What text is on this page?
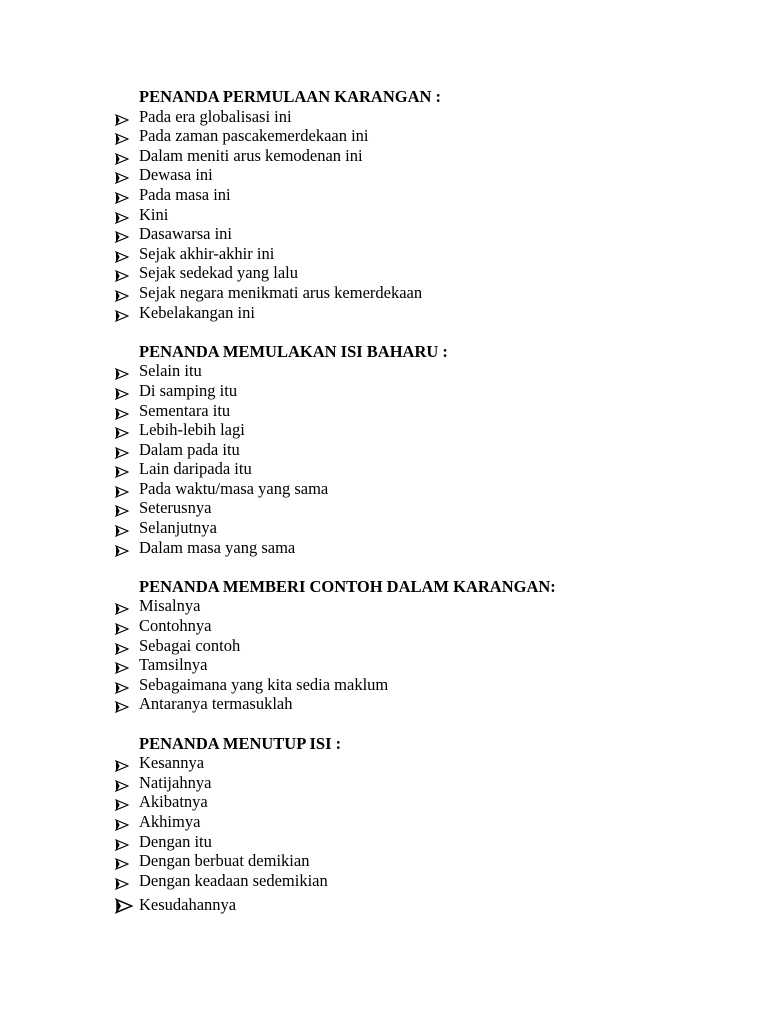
PENANDA PERMULAAN KARANGAN :
Pada era globalisasi ini
Pada zaman pascakemerdekaan ini
Dalam meniti arus kemodenan ini
Dewasa ini
Pada masa ini
Kini
Dasawarsa ini
Sejak akhir-akhir ini
Sejak sedekad yang lalu
Sejak negara menikmati arus kemerdekaan
Kebelakangan ini
PENANDA MEMULAKAN ISI BAHARU :
Selain itu
Di samping itu
Sementara itu
Lebih-lebih lagi
Dalam pada itu
Lain daripada itu
Pada waktu/masa yang sama
Seterusnya
Selanjutnya
Dalam masa yang sama
PENANDA MEMBERI CONTOH DALAM KARANGAN:
Misalnya
Contohnya
Sebagai contoh
Tamsilnya
Sebagaimana yang kita sedia maklum
Antaranya termasuklah
PENANDA MENUTUP ISI :
Kesannya
Natijahnya
Akibatnya
Akhimya
Dengan itu
Dengan berbuat demikian
Dengan keadaan sedemikian
Kesudahannya
